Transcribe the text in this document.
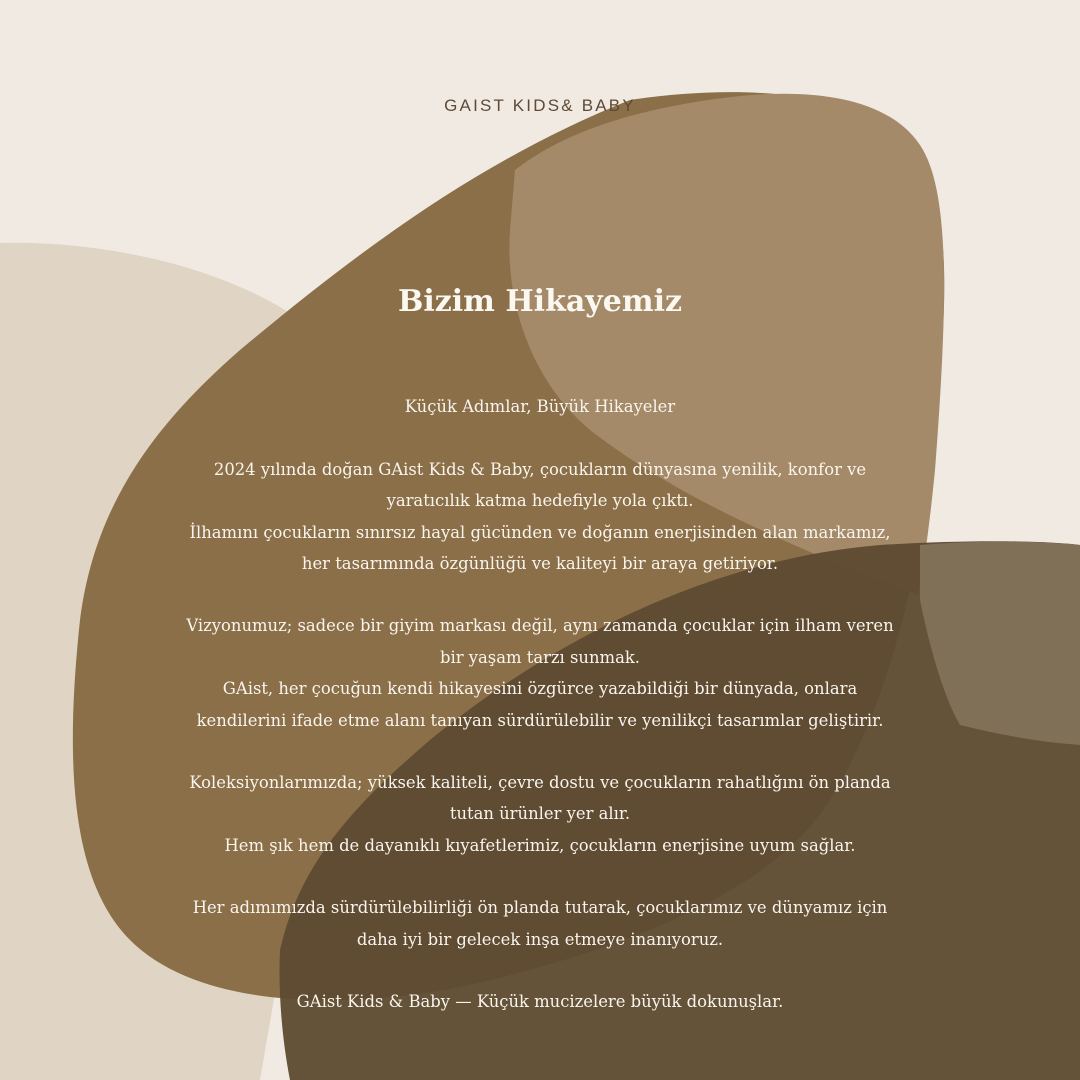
GAIST KIDS& BABY
Bizim Hikayemiz

Küçük Adımlar, Büyük Hikayeler

2024 yılında doğan GAist Kids & Baby, çocukların dünyasına yenilik, konfor ve
yaratıcılık katma hedefiyle yola çıktı.
İlhamını çocukların sınırsız hayal gücünden ve doğanın enerjisinden alan markamız,
her tasarımında özgünlüğü ve kaliteyi bir araya getiriyor.

Vizyonumuz; sadece bir giyim markası değil, aynı zamanda çocuklar için ilham veren
bir yaşam tarzı sunmak.
GAist, her çocuğun kendi hikayesini özgürce yazabildiği bir dünyada, onlara
kendilerini ifade etme alanı tanıyan sürdürülebilir ve yenilikçi tasarımlar geliştirir.

Koleksiyonlarımızda; yüksek kaliteli, çevre dostu ve çocukların rahatlığını ön planda
tutan ürünler yer alır.
Hem şık hem de dayanıklı kıyafetlerimiz, çocukların enerjisine uyum sağlar.

Her adımımızda sürdürülebilirliği ön planda tutarak, çocuklarımız ve dünyamız için
daha iyi bir gelecek inşa etmeye inanıyoruz.

GAist Kids & Baby — Küçük mucizelere büyük dokunuşlar.
